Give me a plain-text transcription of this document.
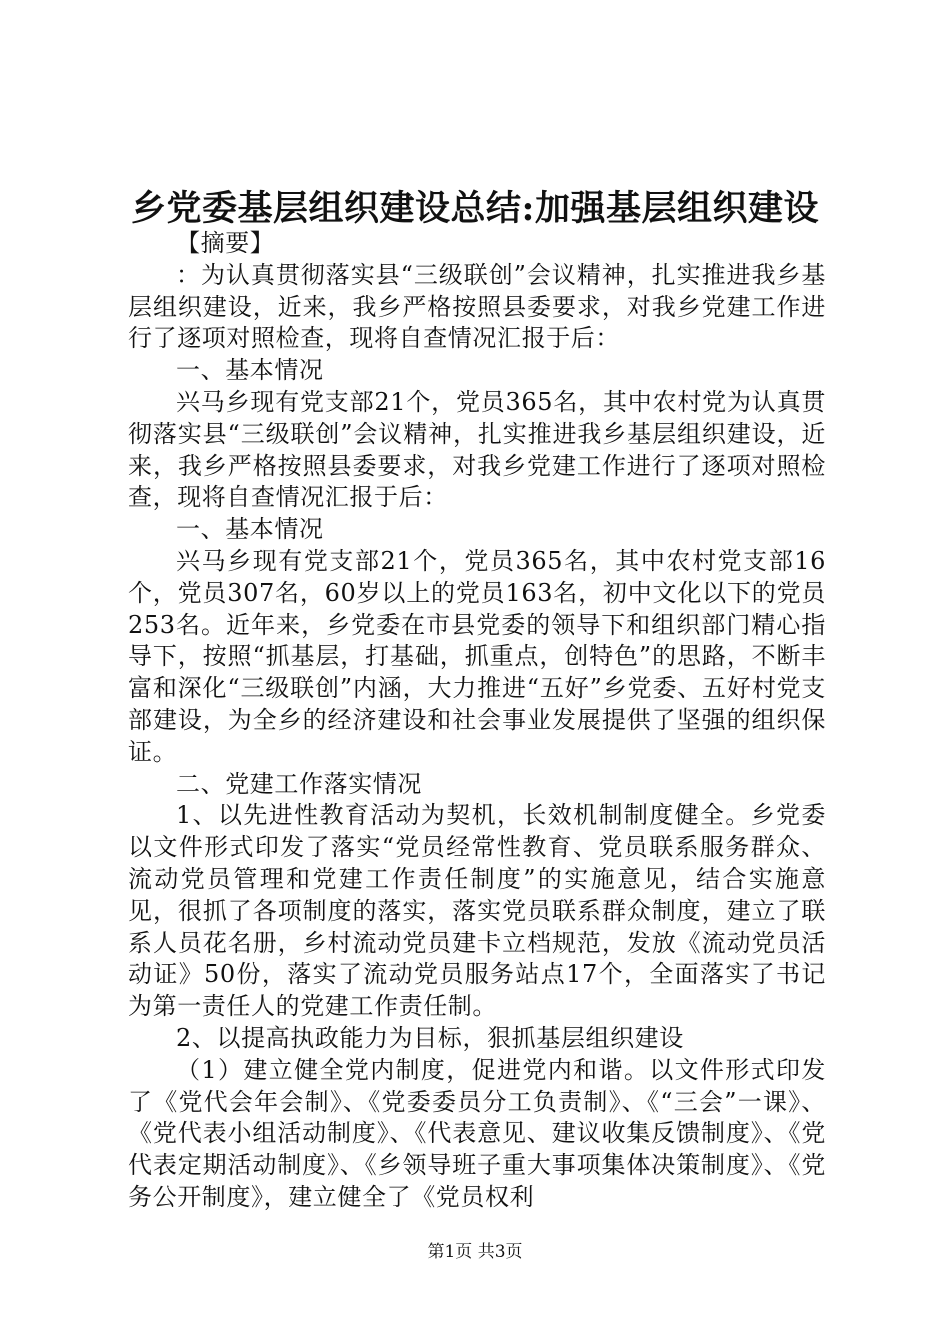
乡党委基层组织建设总结:加强基层组织建设

【摘要】

：为认真贯彻落实县“三级联创”会议精神，扎实推进我乡基层组织建设，近来，我乡严格按照县委要求，对我乡党建工作进行了逐项对照检查，现将自查情况汇报于后：

一、基本情况

兴马乡现有党支部21个，党员365名，其中农村党为认真贯彻落实县“三级联创”会议精神，扎实推进我乡基层组织建设，近来，我乡严格按照县委要求，对我乡党建工作进行了逐项对照检查，现将自查情况汇报于后：

一、基本情况

兴马乡现有党支部21个，党员365名，其中农村党支部16个，党员307名，60岁以上的党员163名，初中文化以下的党员253名。近年来，乡党委在市县党委的领导下和组织部门精心指导下，按照“抓基层，打基础，抓重点，创特色”的思路，不断丰富和深化“三级联创”内涵，大力推进“五好”乡党委、五好村党支部建设，为全乡的经济建设和社会事业发展提供了坚强的组织保证。

二、党建工作落实情况

1、以先进性教育活动为契机，长效机制制度健全。乡党委以文件形式印发了落实“党员经常性教育、党员联系服务群众、流动党员管理和党建工作责任制度”的实施意见，结合实施意见，很抓了各项制度的落实，落实党员联系群众制度，建立了联系人员花名册，乡村流动党员建卡立档规范，发放《流动党员活动证》50份，落实了流动党员服务站点17个，全面落实了书记为第一责任人的党建工作责任制。

2、以提高执政能力为目标，狠抓基层组织建设

（1）建立健全党内制度，促进党内和谐。以文件形式印发了《党代会年会制》、《党委委员分工负责制》、《“三会”一课》、《党代表小组活动制度》、《代表意见、建议收集反馈制度》、《党代表定期活动制度》、《乡领导班子重大事项集体决策制度》、《党务公开制度》，建立健全了《党员权利

第1页 共3页
